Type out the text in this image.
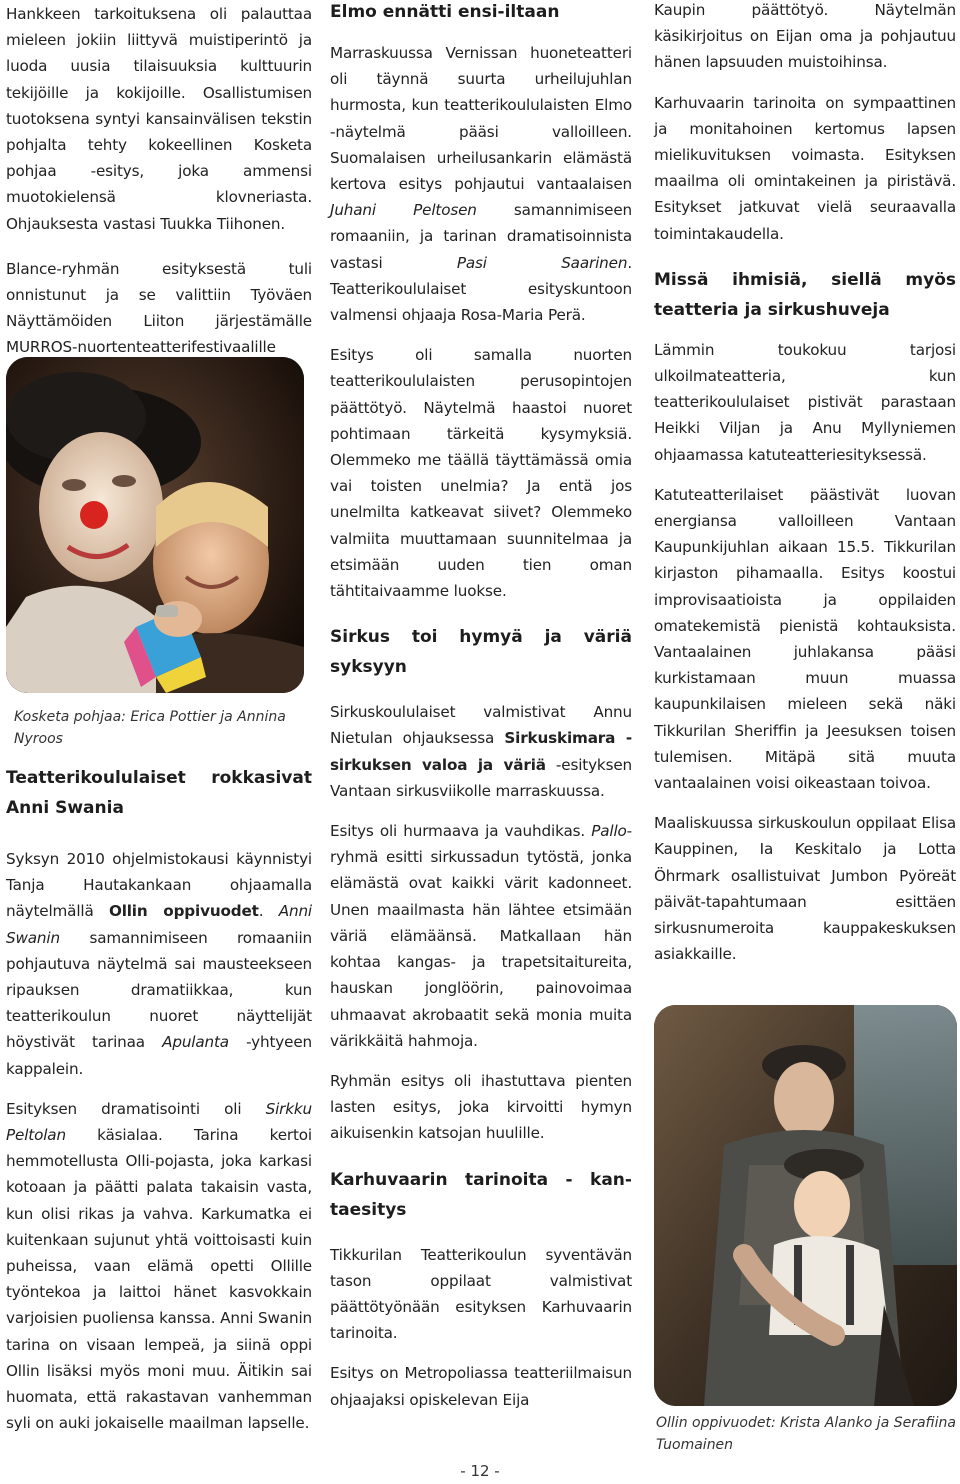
Hankkeen tarkoituksena oli palauttaa mieleen jokiin liittyvä muistiperintö ja luoda uusia tilaisuuksia kulttuurin tekijöille ja kokijoille. Osallistumisen tuotoksena syntyi kansainvälisen tekstin pohjalta tehty kokeellinen Kosketa pohjaa -esitys, joka ammensi muotokielensä klovneriasta. Ohjauksesta vastasi Tuukka Tiihonen.

Blance-ryhmän esityksestä tuli onnistunut ja se valittiin Työväen Näyttämöiden Liiton järjestämälle MURROS-nuortenteatterifestivaalille

Kosketa pohjaa: Erica Pottier ja Annina Nyroos
Teatterikoululaiset rokkasivat
Anni Swania

Syksyn 2010 ohjelmistokausi käynnistyi Tanja Hautakankaan ohjaamalla näytelmällä Ollin oppivuodet. Anni Swanin samannimiseen romaaniin pohjautuva näytelmä sai mausteekseen ripauksen dramatiikkaa, kun teatterikoulun nuoret näyttelijät höystivät tarinaa Apulanta -yhtyeen kappalein.

Esityksen dramatisointi oli Sirkku Peltolan käsialaa. Tarina kertoi hemmotellusta Olli-pojasta, joka karkasi kotoaan ja päätti palata takaisin vasta, kun olisi rikas ja vahva. Karkumatka ei kuitenkaan sujunut yhtä voittoisasti kuin puheissa, vaan elämä opetti Ollille työntekoa ja laittoi hänet kasvokkain varjoisien puoliensa kanssa. Anni Swanin tarina on visaan lempeä, ja siinä oppi Ollin lisäksi myös moni muu. Äitikin sai huomata, että rakastavan vanhemman syli on auki jokaiselle maailman lapselle.

Elmo ennätti ensi-iltaan

Marraskuussa Vernissan huoneteatteri oli täynnä suurta urheilujuhlan hurmosta, kun teatterikoululaisten Elmo -näytelmä pääsi valloilleen. Suomalaisen urheilusankarin elämästä kertova esitys pohjautui vantaalaisen Juhani Peltosen samannimiseen romaaniin, ja tarinan dramatisoinnista vastasi Pasi Saarinen. Teatterikoululaiset esityskuntoon valmensi ohjaaja Rosa-Maria Perä.

Esitys oli samalla nuorten teatterikoululaisten perusopintojen päättötyö. Näytelmä haastoi nuoret pohtimaan tärkeitä kysymyksiä. Olemmeko me täällä täyttämässä omia vai toisten unelmia? Ja entä jos unelmilta katkeavat siivet? Olemmeko valmiita muuttamaan suunnitelmaa ja etsimään uuden tien oman tähtitaivaamme luokse.

Sirkus toi hymyä ja väriä
syksyyn

Sirkuskoululaiset valmistivat Annu Nietulan ohjauksessa Sirkuskimara -sirkuksen valoa ja väriä -esityksen Vantaan sirkusviikolle marraskuussa.

Esitys oli hurmaava ja vauhdikas. Pallo-ryhmä esitti sirkussadun tytöstä, jonka elämästä ovat kaikki värit kadonneet. Unen maailmasta hän lähtee etsimään väriä elämäänsä. Matkallaan hän kohtaa kangas- ja trapetsitaitureita, hauskan jonglöörin, painovoimaa uhmaavat akrobaatit sekä monia muita värikkäitä hahmoja.

Ryhmän esitys oli ihastuttava pienten lasten esitys, joka kirvoitti hymyn aikuisenkin katsojan huulille.

Karhuvaarin tarinoita - kan-
taesitys

Tikkurilan Teatterikoulun syventävän tason oppilaat valmistivat päättötyönään esityksen Karhuvaarin tarinoita.

Esitys on Metropoliassa teatteriilmaisun ohjaajaksi opiskelevan Eija

Kaupin päättötyö. Näytelmän käsikirjoitus on Eijan oma ja pohjautuu hänen lapsuuden muistoihinsa.

Karhuvaarin tarinoita on sympaattinen ja monitahoinen kertomus lapsen mielikuvituksen voimasta. Esityksen maailma oli omintakeinen ja piristävä. Esitykset jatkuvat vielä seuraavalla toimintakaudella.

Missä ihmisiä, siellä myös teatteria ja sirkushuveja

Lämmin toukokuu tarjosi ulkoilmateatteria, kun teatterikoululaiset pistivät parastaan Heikki Viljan ja Anu Myllyniemen ohjaamassa katuteatteriesityksessä.

Katuteatterilaiset päästivät luovan energiansa valloilleen Vantaan Kaupunkijuhlan aikaan 15.5. Tikkurilan kirjaston pihamaalla. Esitys koostui improvisaatioista ja oppilaiden omatekemistä pienistä kohtauksista. Vantaalainen juhlakansa pääsi kurkistamaan muun muassa kaupunkilaisen mieleen sekä näki Tikkurilan Sheriffin ja Jeesuksen toisen tulemisen. Mitäpä sitä muuta vantaalainen voisi oikeastaan toivoa.

Maaliskuussa sirkuskoulun oppilaat Elisa Kauppinen, Ia Keskitalo ja Lotta Öhrmark osallistuivat Jumbon Pyöreät päivät-tapahtumaan esittäen sirkusnumeroita kauppakeskuksen asiakkaille.

Ollin oppivuodet: Krista Alanko ja Serafiina Tuomainen
- 12 -
